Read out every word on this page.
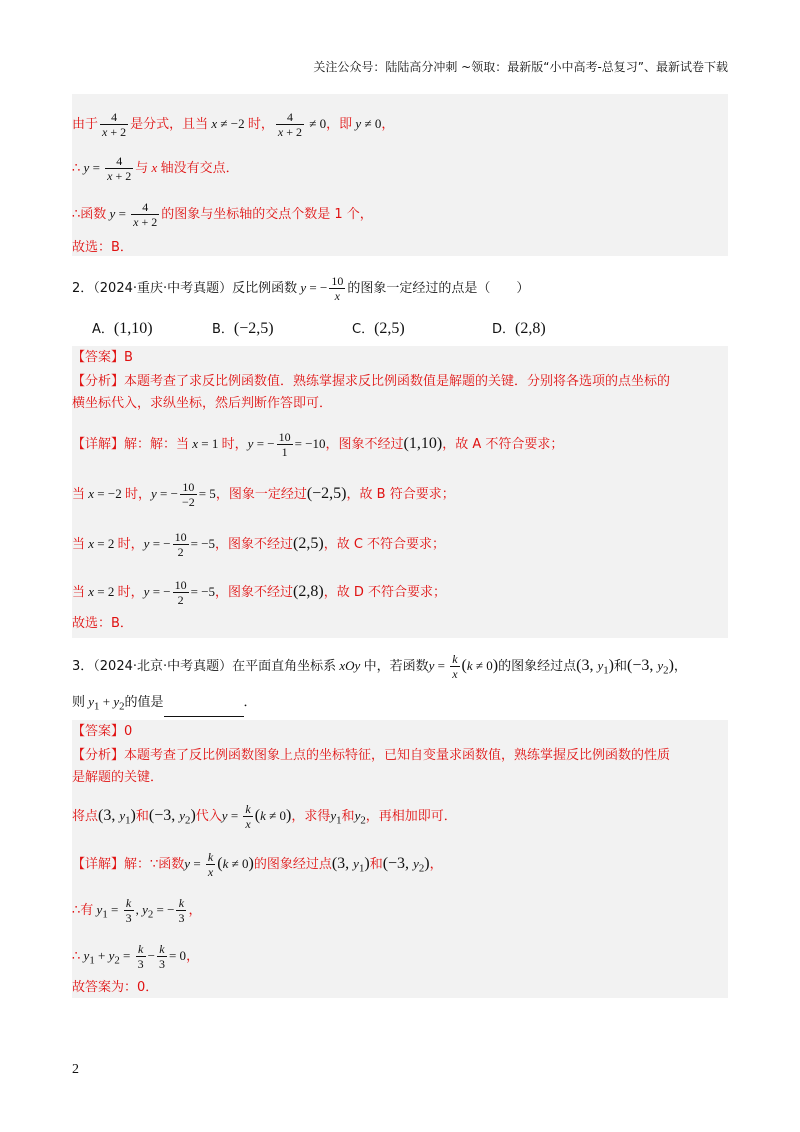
关注公众号：陆陆高分冲刺 ~领取：最新版“小中高考-总复习”、最新试卷下载
由于 $\frac{4}{x + 2}$ 是分式，且当 x ≠ −2 时， $\frac{4}{x + 2} \ne 0$，即 y ≠ 0，
∴ $y = \frac{4}{x + 2}$ 与 x 轴没有交点．
∴函数 $y = \frac{4}{x + 2}$ 的图象与坐标轴的交点个数是 1 个，
故选：B．
2．（2024·重庆·中考真题）反比例函数 y = − $\frac{10}{x}$ 的图象一定经过的点是（　　）
A．(1,10)	B．(−2,5)	C．(2,5)	D．(2,8)
【答案】B
【分析】本题考查了求反比例函数值．熟练掌握求反比例函数值是解题的关键．分别将各选项的点坐标的
横坐标代入，求纵坐标，然后判断作答即可．
【详解】解：解：当 x = 1 时，y = − $\frac{10}{1} = -10$，图象不经过(1,10)，故 A 不符合要求；
当 x = −2 时，y = − $\frac{10}{-2} = 5$，图象一定经过(−2,5)，故 B 符合要求；
当 x = 2 时，y = − $\frac{10}{2} = -5$，图象不经过(2,5)，故 C 不符合要求；
当 x = 2 时，y = − $\frac{10}{2} = -5$，图象不经过(2,8)，故 D 不符合要求；
故选：B．
3．（2024·北京·中考真题）在平面直角坐标系 xOy 中，若函数$y = \frac{k}{x} (k \ne 0)$的图象经过点(3, $y_1$)和(−3, $y_2$)，
则 $y_1 + y_2$的值是	．
【答案】0
【分析】本题考查了反比例函数图象上点的坐标特征，已知自变量求函数值，熟练掌握反比例函数的性质
是解题的关键．
将点(3, $y_1$)和(−3, $y_2$)代入$y = \frac{k}{x} (k \ne 0)$，求得$y_1$和$y_2$，再相加即可．
【详解】解：∵函数$y = \frac{k}{x} (k \ne 0)$的图象经过点(3, $y_1$)和(−3, $y_2$)，
∴有 $y_1 = \frac{k}{3}$ , $y_2$ = − $\frac{k}{3}$ ，
∴ $y_1 + y_2 = \frac{k}{3} - \frac{k}{3} = 0$，
故答案为：0．
2
